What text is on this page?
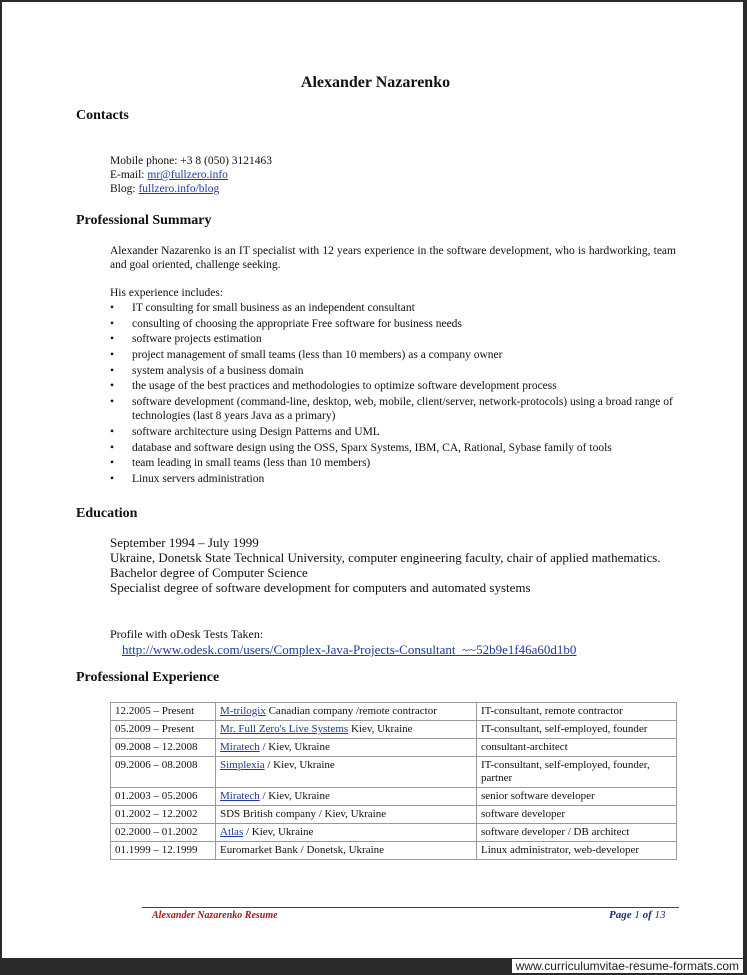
Alexander Nazarenko
Contacts
Mobile phone: +3 8 (050) 3121463
E-mail: mr@fullzero.info
Blog: fullzero.info/blog
Professional Summary
Alexander Nazarenko is an IT specialist with 12 years experience in the software development, who is hardworking, team and goal oriented, challenge seeking.
His experience includes:
• IT consulting for small business as an independent consultant
• consulting of choosing the appropriate Free software for business needs
• software projects estimation
• project management of small teams (less than 10 members) as a company owner
• system analysis of a business domain
• the usage of the best practices and methodologies to optimize software development process
• software development (command-line, desktop, web, mobile, client/server, network-protocols) using a broad range of technologies (last 8 years Java as a primary)
• software architecture using Design Patterns and UML
• database and software design using the OSS, Sparx Systems, IBM, CA, Rational, Sybase family of tools
• team leading in small teams (less than 10 members)
• Linux servers administration
Education
September 1994 – July 1999
Ukraine, Donetsk State Technical University, computer engineering faculty, chair of applied mathematics.
Bachelor degree of Computer Science
Specialist degree of software development for computers and automated systems
Profile with oDesk Tests Taken:
http://www.odesk.com/users/Complex-Java-Projects-Consultant_~~52b9e1f46a60d1b0
Professional Experience
12.2005 – Present	M-trilogix Canadian company /remote contractor	IT-consultant, remote contractor
05.2009 – Present	Mr. Full Zero's Live Systems Kiev, Ukraine	IT-consultant, self-employed, founder
09.2008 – 12.2008	Miratech / Kiev, Ukraine	consultant-architect
09.2006 – 08.2008	Simplexia / Kiev, Ukraine	IT-consultant, self-employed, founder, partner
01.2003 – 05.2006	Miratech / Kiev, Ukraine	senior software developer
01.2002 – 12.2002	SDS British company / Kiev, Ukraine	software developer
02.2000 – 01.2002	Atlas / Kiev, Ukraine	software developer / DB architect
01.1999 – 12.1999	Euromarket Bank / Donetsk, Ukraine	Linux administrator, web-developer
Alexander Nazarenko Resume	Page 1 of 13
www.curriculumvitae-resume-formats.com
